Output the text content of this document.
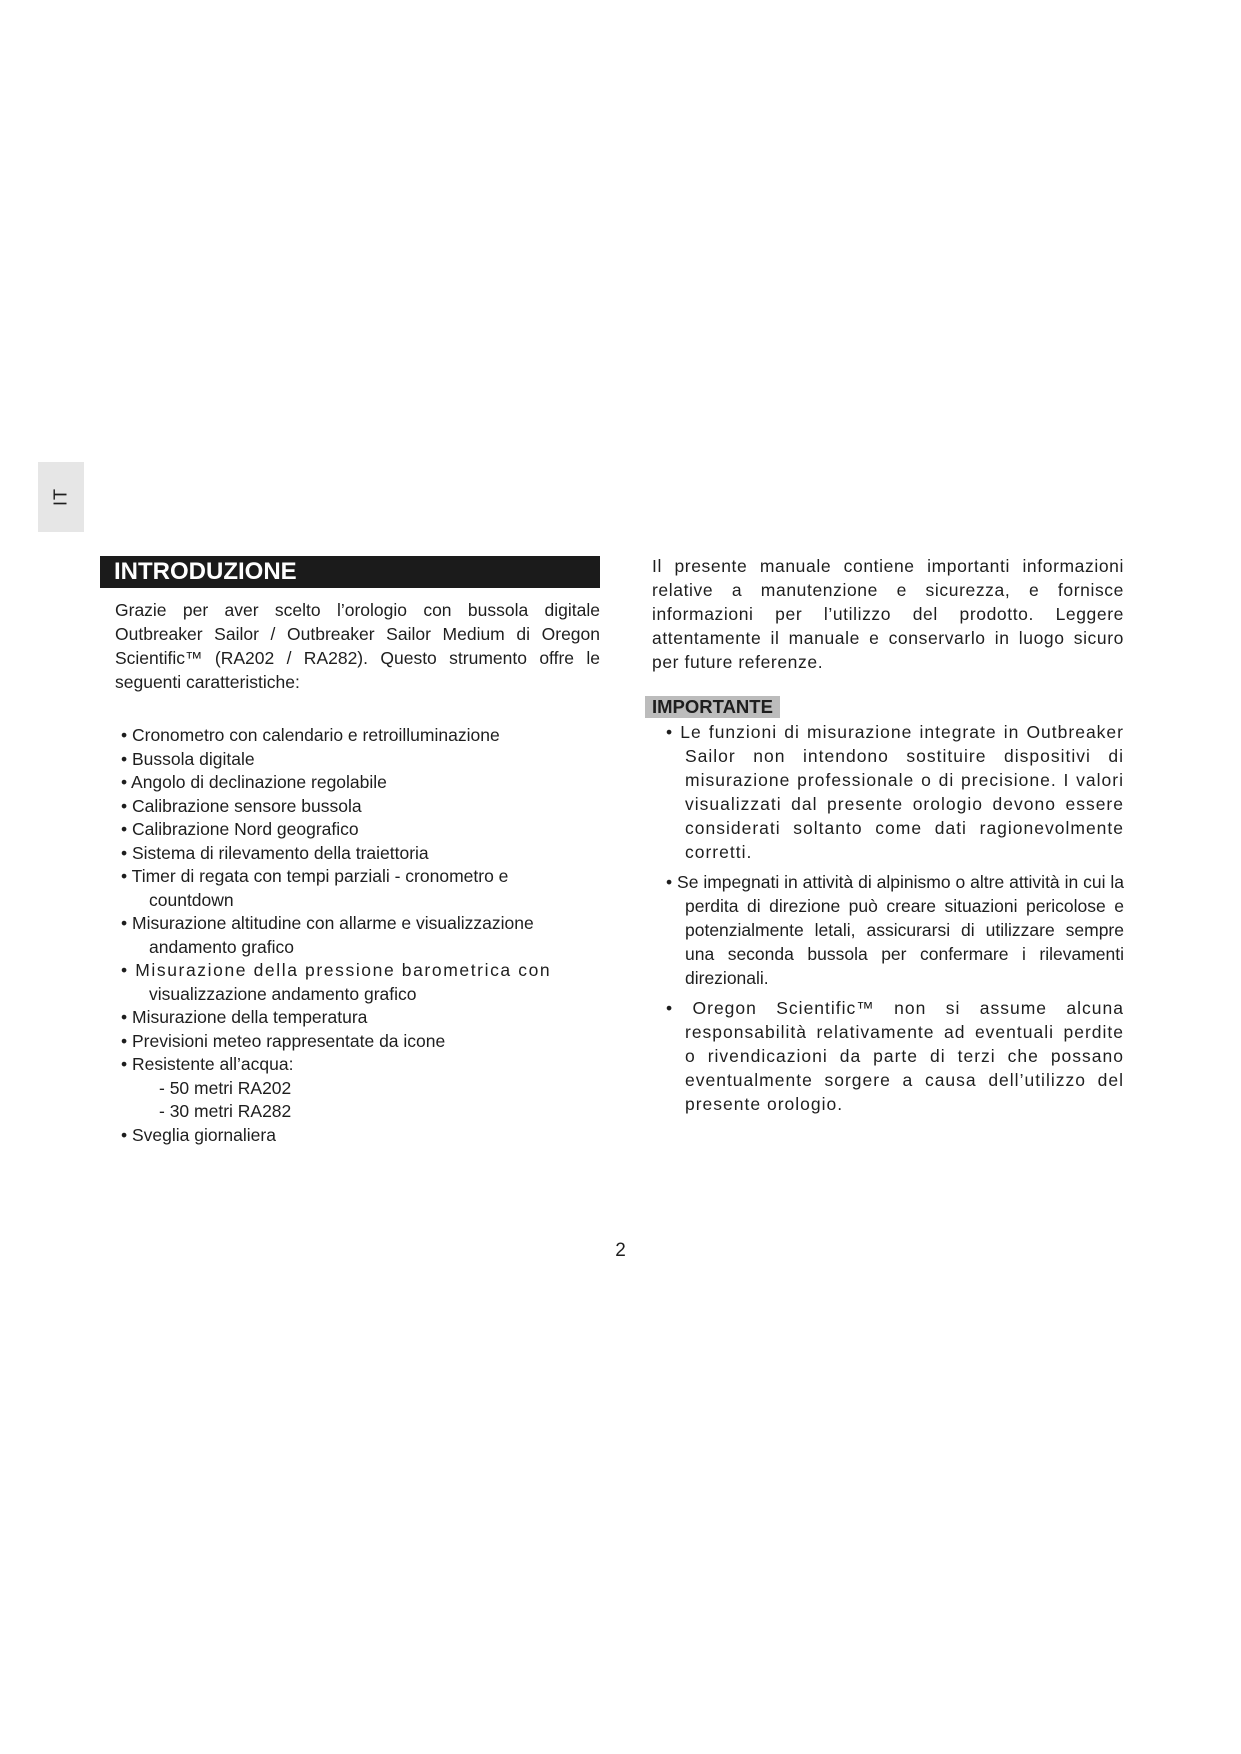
IT
INTRODUZIONE

Grazie per aver scelto l’orologio con bussola digitale Outbreaker Sailor / Outbreaker Sailor Medium di Oregon Scientific™ (RA202 / RA282). Questo strumento offre le seguenti caratteristiche:

• Cronometro con calendario e retroilluminazione
• Bussola digitale
• Angolo di declinazione regolabile
• Calibrazione sensore bussola
• Calibrazione Nord geografico
• Sistema di rilevamento della traiettoria
• Timer di regata con tempi parziali - cronometro e
countdown
• Misurazione altitudine con allarme e visualizzazione
andamento grafico
• Misurazione della pressione barometrica con
visualizzazione andamento grafico
• Misurazione della temperatura
• Previsioni meteo rappresentate da icone
• Resistente all’acqua:
- 50 metri RA202
- 30 metri RA282
• Sveglia giornaliera

Il presente manuale contiene importanti informazioni relative a manutenzione e sicurezza, e fornisce informazioni per l’utilizzo del prodotto. Leggere attentamente il manuale e conservarlo in luogo sicuro per future referenze.

IMPORTANTE
• Le funzioni di misurazione integrate in Outbreaker Sailor non intendono sostituire dispositivi di misurazione professionale o di precisione. I valori visualizzati dal presente orologio devono essere considerati soltanto come dati ragionevolmente corretti.
• Se impegnati in attività di alpinismo o altre attività in cui la perdita di direzione può creare situazioni pericolose e potenzialmente letali, assicurarsi di utilizzare sempre una seconda bussola per confermare i rilevamenti direzionali.
• Oregon Scientific™ non si assume alcuna responsabilità relativamente ad eventuali perdite o rivendicazioni da parte di terzi che possano eventualmente sorgere a causa dell’utilizzo del presente orologio.
2
